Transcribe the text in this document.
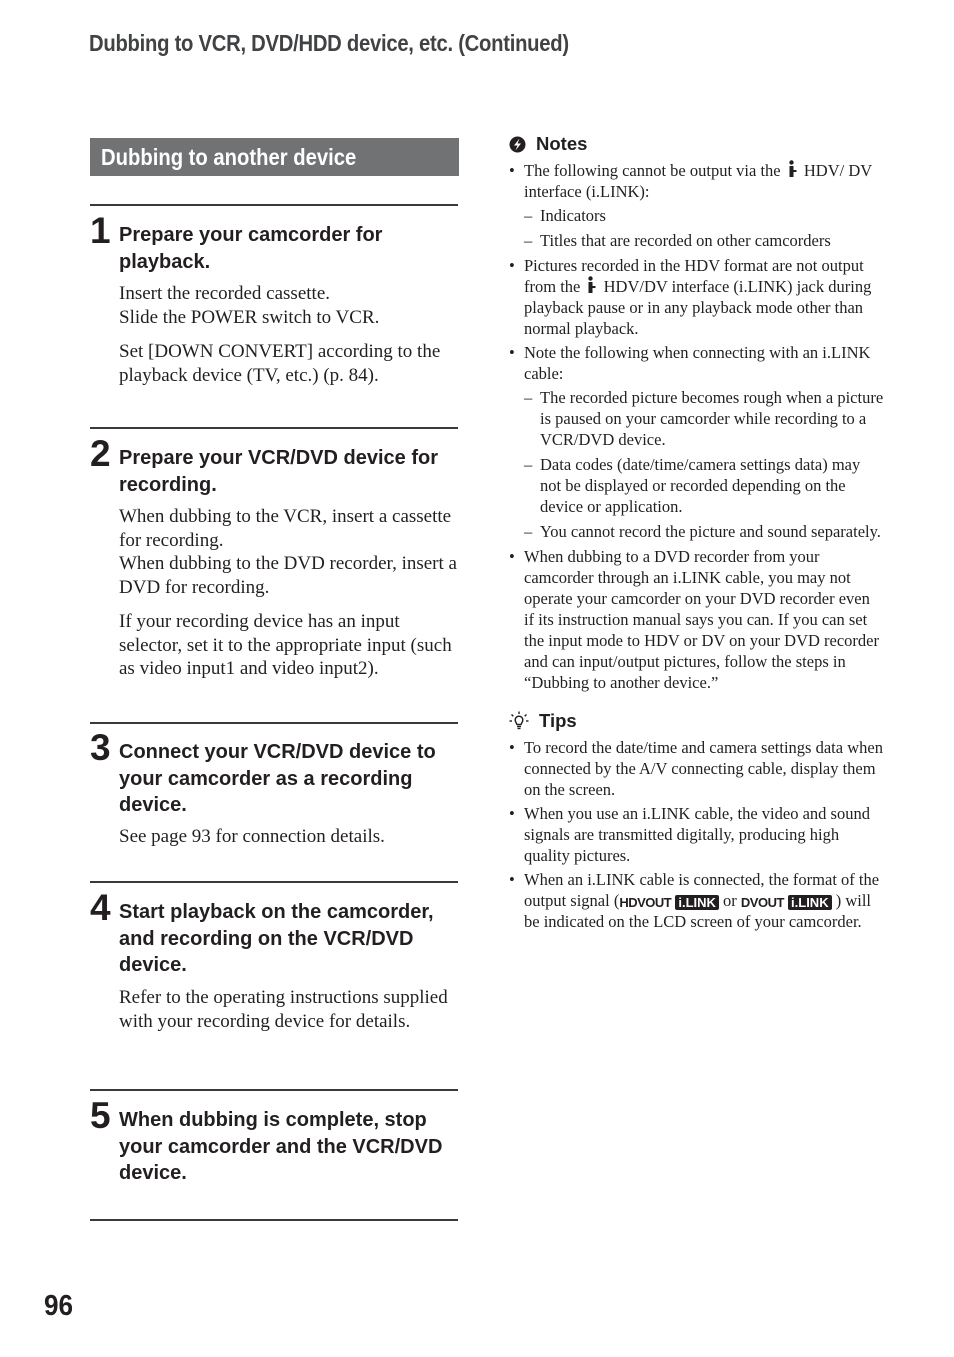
Dubbing to VCR, DVD/HDD device, etc. (Continued)
Dubbing to another device
1 Prepare your camcorder for playback.

Insert the recorded cassette.
Slide the POWER switch to VCR.

Set [DOWN CONVERT] according to the playback device (TV, etc.) (p. 84).

2 Prepare your VCR/DVD device for recording.

When dubbing to the VCR, insert a cassette for recording.
When dubbing to the DVD recorder, insert a DVD for recording.

If your recording device has an input selector, set it to the appropriate input (such as video input1 and video input2).

3 Connect your VCR/DVD device to your camcorder as a recording device.

See page 93 for connection details.

4 Start playback on the camcorder, and recording on the VCR/DVD device.

Refer to the operating instructions supplied with your recording device for details.

5 When dubbing is complete, stop your camcorder and the VCR/DVD device.
Notes
• The following cannot be output via the HDV/ DV interface (i.LINK):
– Indicators
– Titles that are recorded on other camcorders
• Pictures recorded in the HDV format are not output from the HDV/DV interface (i.LINK) jack during playback pause or in any playback mode other than normal playback.
• Note the following when connecting with an i.LINK cable:
– The recorded picture becomes rough when a picture is paused on your camcorder while recording to a VCR/DVD device.
– Data codes (date/time/camera settings data) may not be displayed or recorded depending on the device or application.
– You cannot record the picture and sound separately.
• When dubbing to a DVD recorder from your camcorder through an i.LINK cable, you may not operate your camcorder on your DVD recorder even if its instruction manual says you can. If you can set the input mode to HDV or DV on your DVD recorder and can input/output pictures, follow the steps in “Dubbing to another device.”
Tips
• To record the date/time and camera settings data when connected by the A/V connecting cable, display them on the screen.
• When you use an i.LINK cable, the video and sound signals are transmitted digitally, producing high quality pictures.
• When an i.LINK cable is connected, the format of the output signal (HDVOUT i.LINK or DVOUT i.LINK ) will be indicated on the LCD screen of your camcorder.
96
